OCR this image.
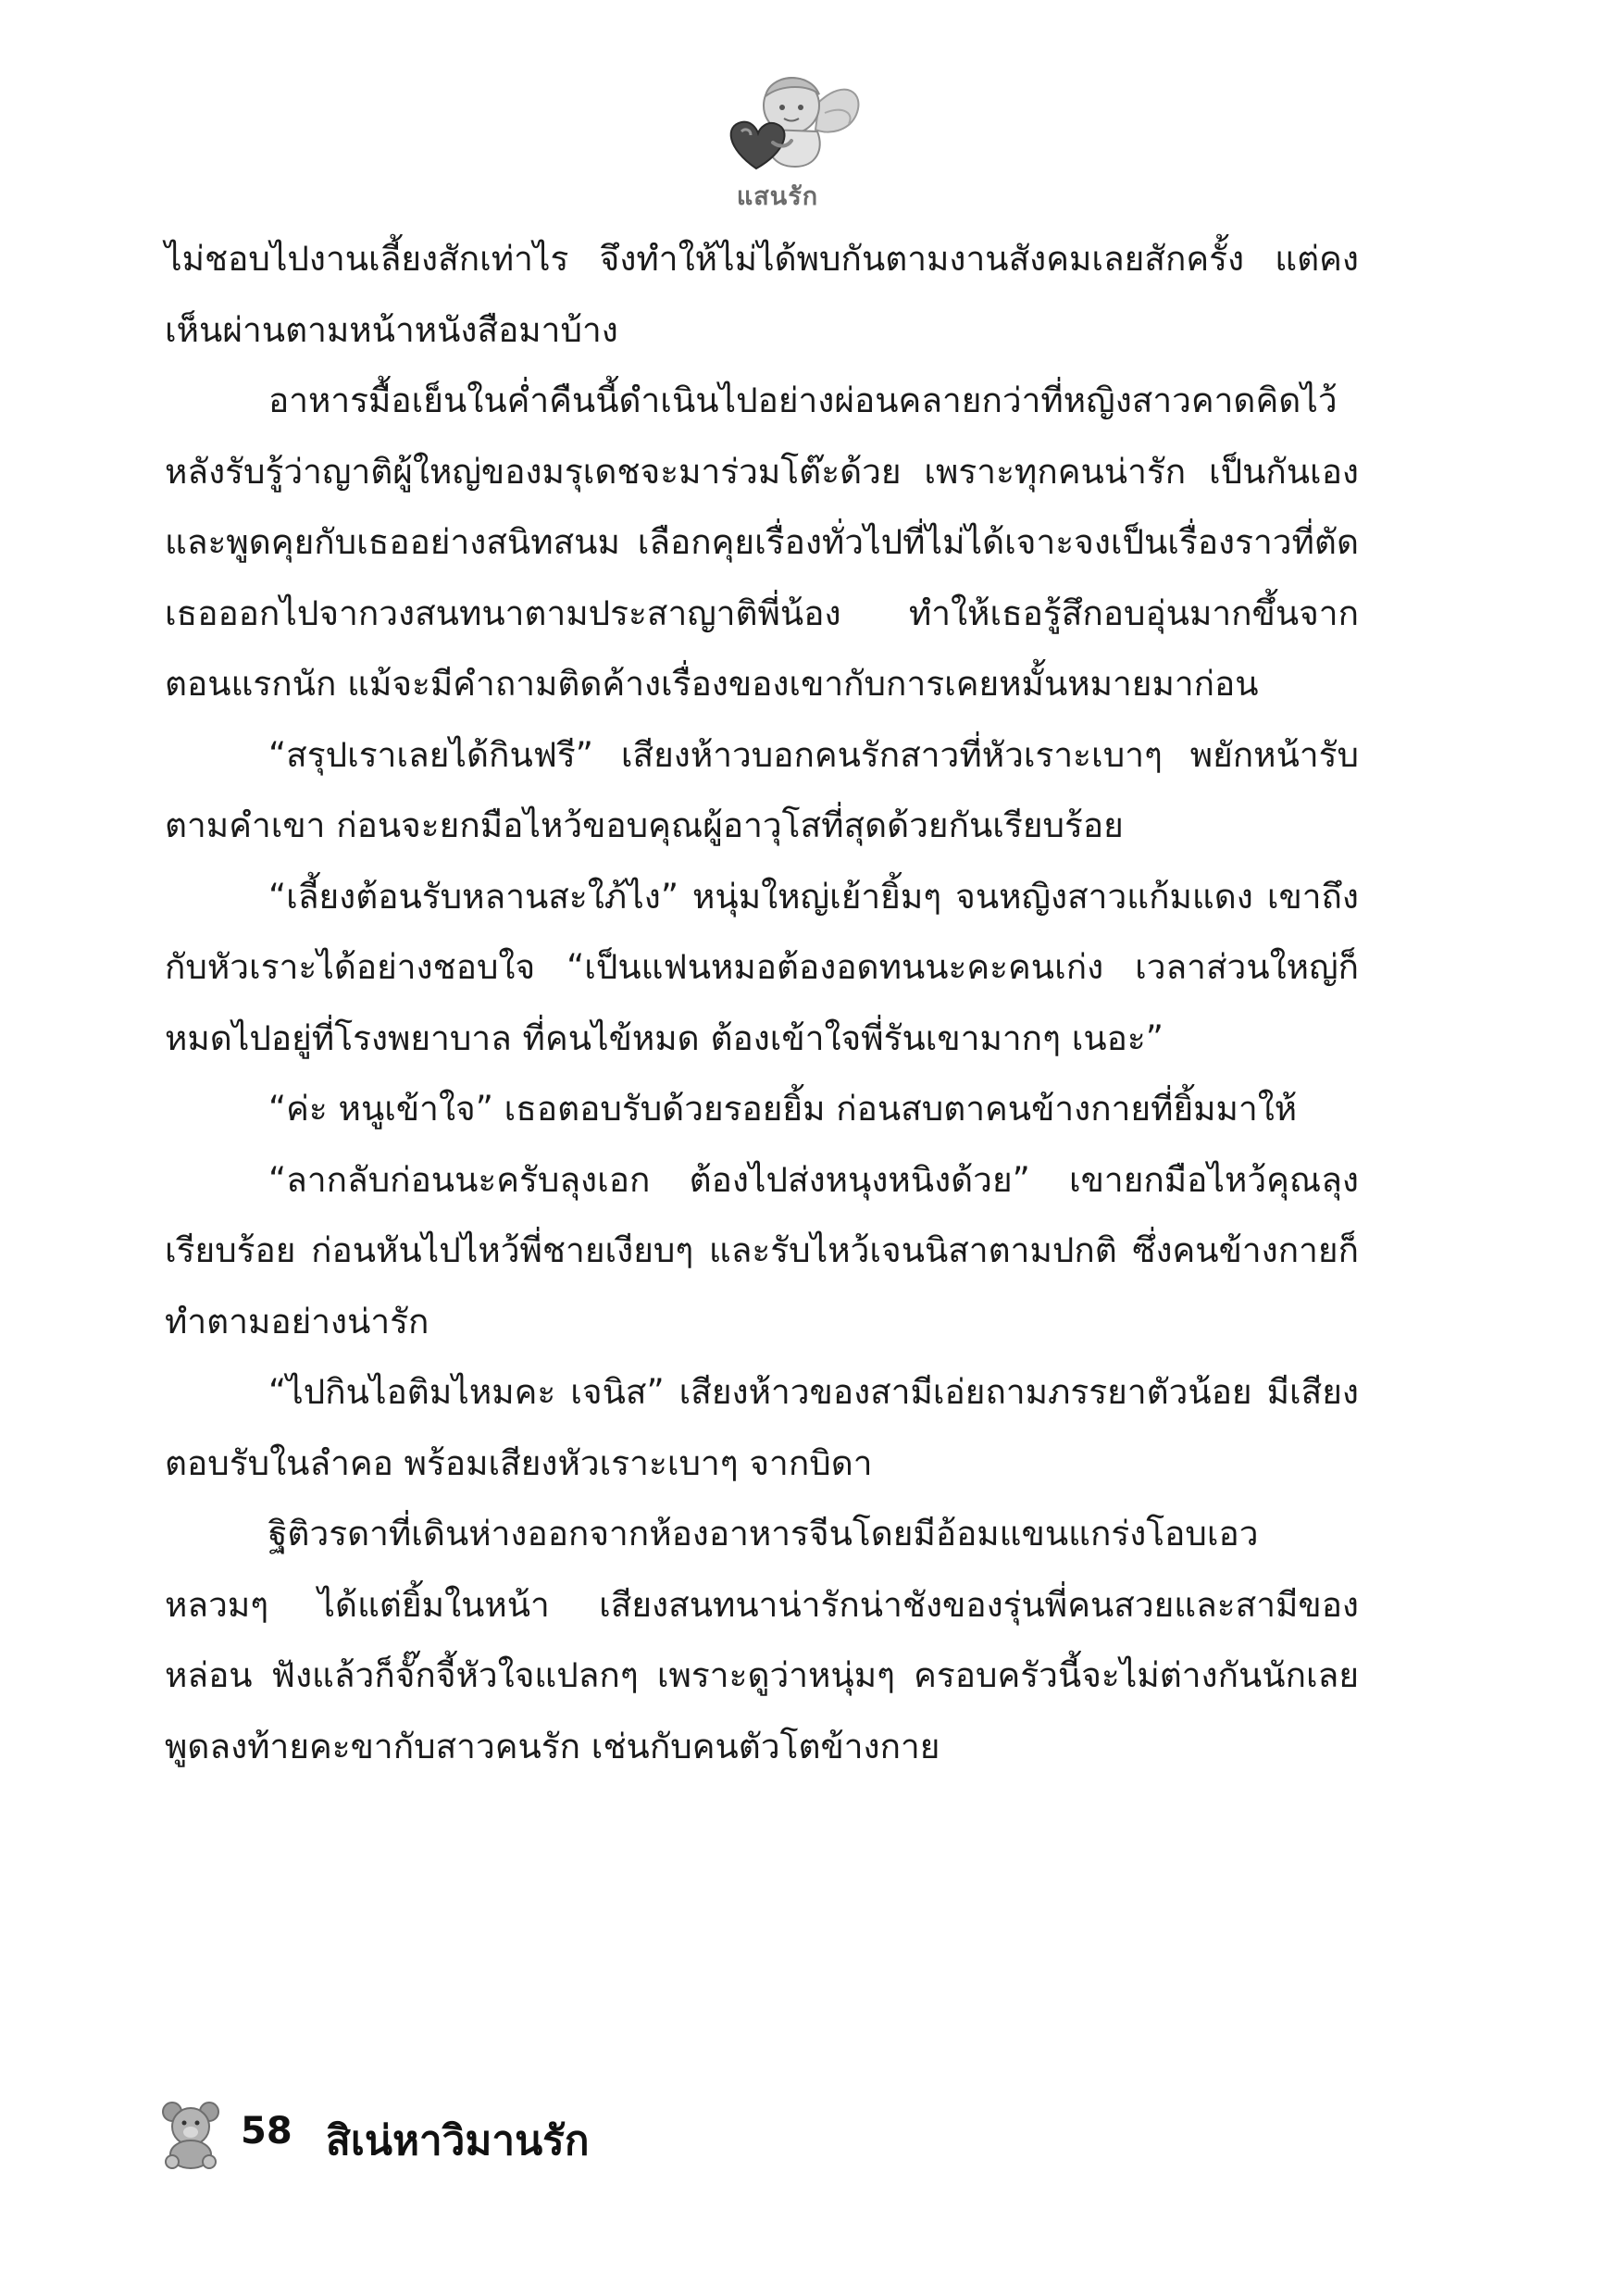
แสนรัก

ไม่ชอบไปงานเลี้ยงสักเท่าไร จึงทำให้ไม่ได้พบกันตามงานสังคมเลยสักครั้ง แต่คงเห็นผ่านตามหน้าหนังสือมาบ้าง

อาหารมื้อเย็นในค่ำคืนนี้ดำเนินไปอย่างผ่อนคลายกว่าที่หญิงสาวคาดคิดไว้ หลังรับรู้ว่าญาติผู้ใหญ่ของมรุเดชจะมาร่วมโต๊ะด้วย เพราะทุกคนน่ารัก เป็นกันเอง และพูดคุยกับเธออย่างสนิทสนม เลือกคุยเรื่องทั่วไปที่ไม่ได้เจาะจงเป็นเรื่องราวที่ตัดเธอออกไปจากวงสนทนาตามประสาญาติพี่น้อง ทำให้เธอรู้สึกอบอุ่นมากขึ้นจากตอนแรกนัก แม้จะมีคำถามติดค้างเรื่องของเขากับการเคยหมั้นหมายมาก่อน

“สรุปเราเลยได้กินฟรี” เสียงห้าวบอกคนรักสาวที่หัวเราะเบาๆ พยักหน้ารับตามคำเขา ก่อนจะยกมือไหว้ขอบคุณผู้อาวุโสที่สุดด้วยกันเรียบร้อย

“เลี้ยงต้อนรับหลานสะใภ้ไง” หนุ่มใหญ่เย้ายิ้มๆ จนหญิงสาวแก้มแดง เขาถึงกับหัวเราะได้อย่างชอบใจ “เป็นแฟนหมอต้องอดทนนะคะคนเก่ง เวลาส่วนใหญ่ก็หมดไปอยู่ที่โรงพยาบาล ที่คนไข้หมด ต้องเข้าใจพี่รันเขามากๆ เนอะ”

“ค่ะ หนูเข้าใจ” เธอตอบรับด้วยรอยยิ้ม ก่อนสบตาคนข้างกายที่ยิ้มมาให้

“ลากลับก่อนนะครับลุงเอก ต้องไปส่งหนุงหนิงด้วย” เขายกมือไหว้คุณลุงเรียบร้อย ก่อนหันไปไหว้พี่ชายเงียบๆ และรับไหว้เจนนิสาตามปกติ ซึ่งคนข้างกายก็ทำตามอย่างน่ารัก

“ไปกินไอติมไหมคะ เจนิส” เสียงห้าวของสามีเอ่ยถามภรรยาตัวน้อย มีเสียงตอบรับในลำคอ พร้อมเสียงหัวเราะเบาๆ จากบิดา

ฐิติวรดาที่เดินห่างออกจากห้องอาหารจีนโดยมีอ้อมแขนแกร่งโอบเอวหลวมๆ ได้แต่ยิ้มในหน้า เสียงสนทนาน่ารักน่าชังของรุ่นพี่คนสวยและสามีของหล่อน ฟังแล้วก็จั๊กจี้หัวใจแปลกๆ เพราะดูว่าหนุ่มๆ ครอบครัวนี้จะไม่ต่างกันนักเลย พูดลงท้ายคะขากับสาวคนรัก เช่นกับคนตัวโตข้างกาย

58 สิเน่หาวิมานรัก
